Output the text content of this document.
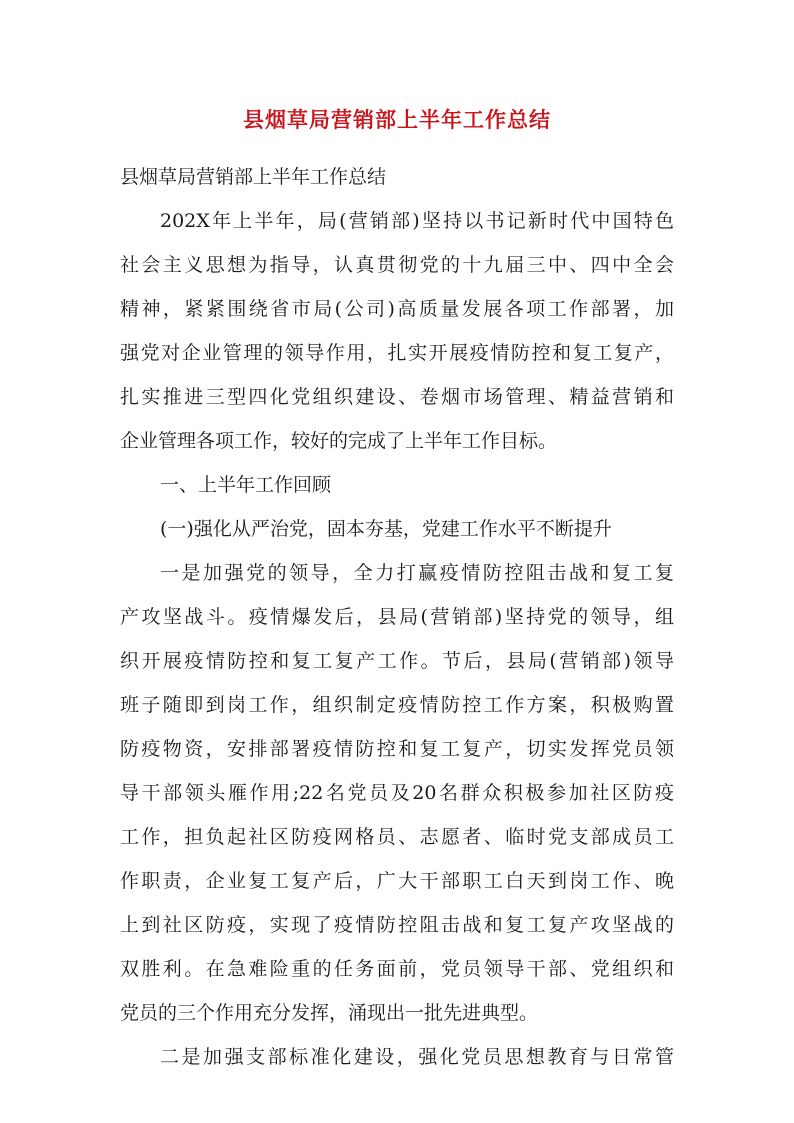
县烟草局营销部上半年工作总结
县烟草局营销部上半年工作总结
202X年上半年，局(营销部)坚持以书记新时代中国特色
社会主义思想为指导，认真贯彻党的十九届三中、四中全会
精神，紧紧围绕省市局(公司)高质量发展各项工作部署，加
强党对企业管理的领导作用，扎实开展疫情防控和复工复产，
扎实推进三型四化党组织建设、卷烟市场管理、精益营销和
企业管理各项工作，较好的完成了上半年工作目标。
一、上半年工作回顾
(一)强化从严治党，固本夯基，党建工作水平不断提升
一是加强党的领导，全力打赢疫情防控阻击战和复工复
产攻坚战斗。疫情爆发后，县局(营销部)坚持党的领导，组
织开展疫情防控和复工复产工作。节后，县局(营销部)领导
班子随即到岗工作，组织制定疫情防控工作方案，积极购置
防疫物资，安排部署疫情防控和复工复产，切实发挥党员领
导干部领头雁作用;22名党员及20名群众积极参加社区防疫
工作，担负起社区防疫网格员、志愿者、临时党支部成员工
作职责，企业复工复产后，广大干部职工白天到岗工作、晚
上到社区防疫，实现了疫情防控阻击战和复工复产攻坚战的
双胜利。在急难险重的任务面前，党员领导干部、党组织和
党员的三个作用充分发挥，涌现出一批先进典型。
二是加强支部标准化建设，强化党员思想教育与日常管
